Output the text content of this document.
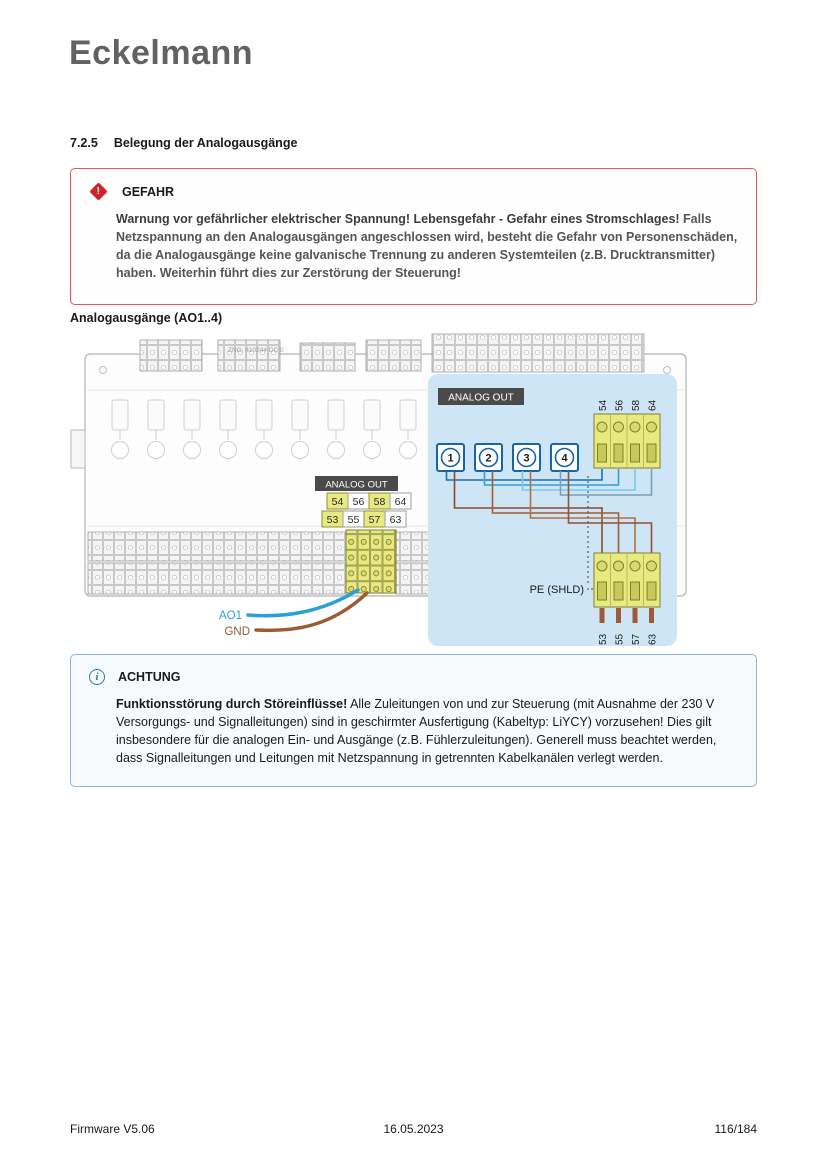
Eckelmann
7.2.5 Belegung der Analogausgänge
! GEFAHR

Warnung vor gefährlicher elektrischer Spannung! Lebensgefahr - Gefahr eines Stromschlages! Falls Netzspannung an den Analogausgängen angeschlossen wird, besteht die Gefahr von Personenschäden, da die Analogausgänge keine galvanische Trennung zu anderen Systemteilen (z.B. Drucktransmitter) haben. Weiterhin führt dies zur Zerstörung der Steuerung!

Analogausgänge (AO1..4)
ZNG: 410244 DC 0
AO1
GND
ANALOG OUT
54 56 58 64
53 55 57 63
ANALOG OUT
54 56 58 64
1	2	3	4
PE (SHLD)
53 55 57 63
i	ACHTUNG

Funktionsstörung durch Störeinflüsse! Alle Zuleitungen von und zur Steuerung (mit Ausnahme der 230 V Versorgungs- und Signalleitungen) sind in geschirmter Ausfertigung (Kabeltyp: LiYCY) vorzusehen! Dies gilt insbesondere für die analogen Ein- und Ausgänge (z.B. Fühlerzuleitungen). Generell muss beachtet werden, dass Signalleitungen und Leitungen mit Netzspannung in getrennten Kabelkanälen verlegt werden.

Firmware V5.06	16.05.2023	116/184
